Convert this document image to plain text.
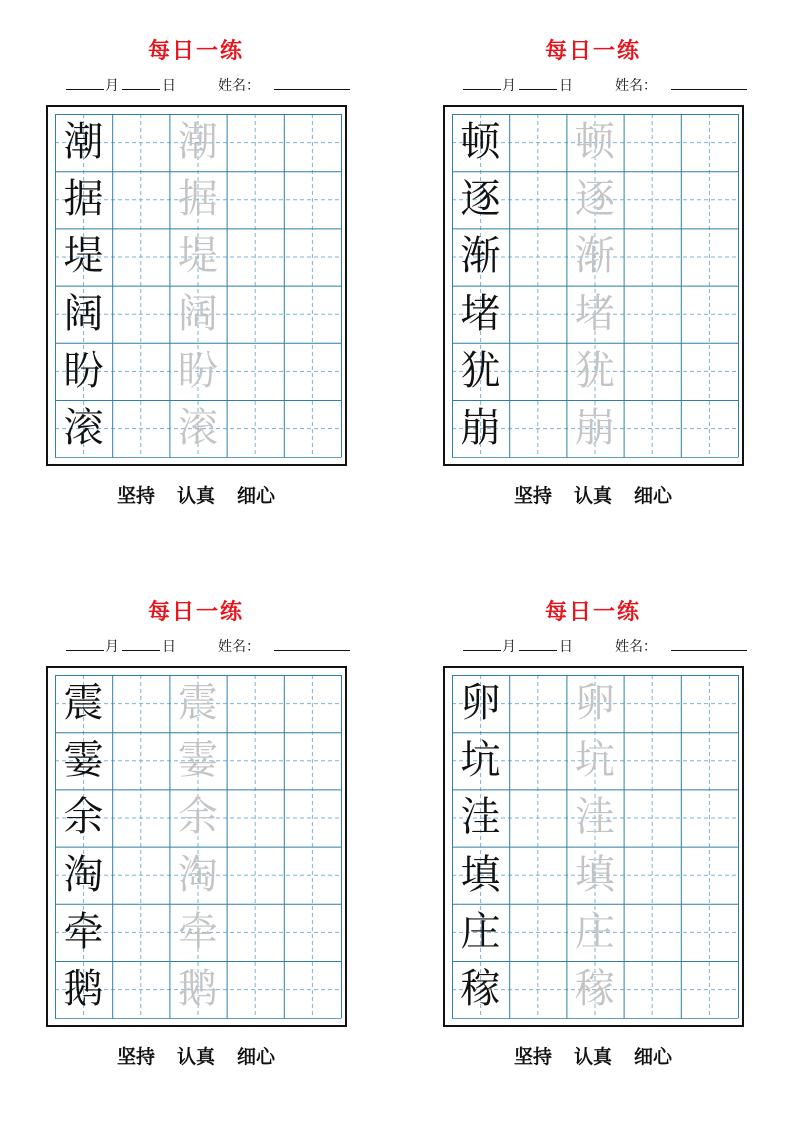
每日一练
月	日	姓名：
潮 潮
据 据
堤 堤
阔 阔
盼 盼
滚 滚
坚持 认真 细心
每日一练
月	日	姓名：
顿 顿
逐 逐
渐 渐
堵 堵
犹 犹
崩 崩
坚持 认真 细心
每日一练
月	日	姓名：
震 震
霎 霎
余 余
淘 淘
牵 牵
鹅 鹅
坚持 认真 细心
每日一练
月	日	姓名：
卵 卵
坑 坑
洼 洼
填 填
庄 庄
稼 稼
坚持 认真 细心
